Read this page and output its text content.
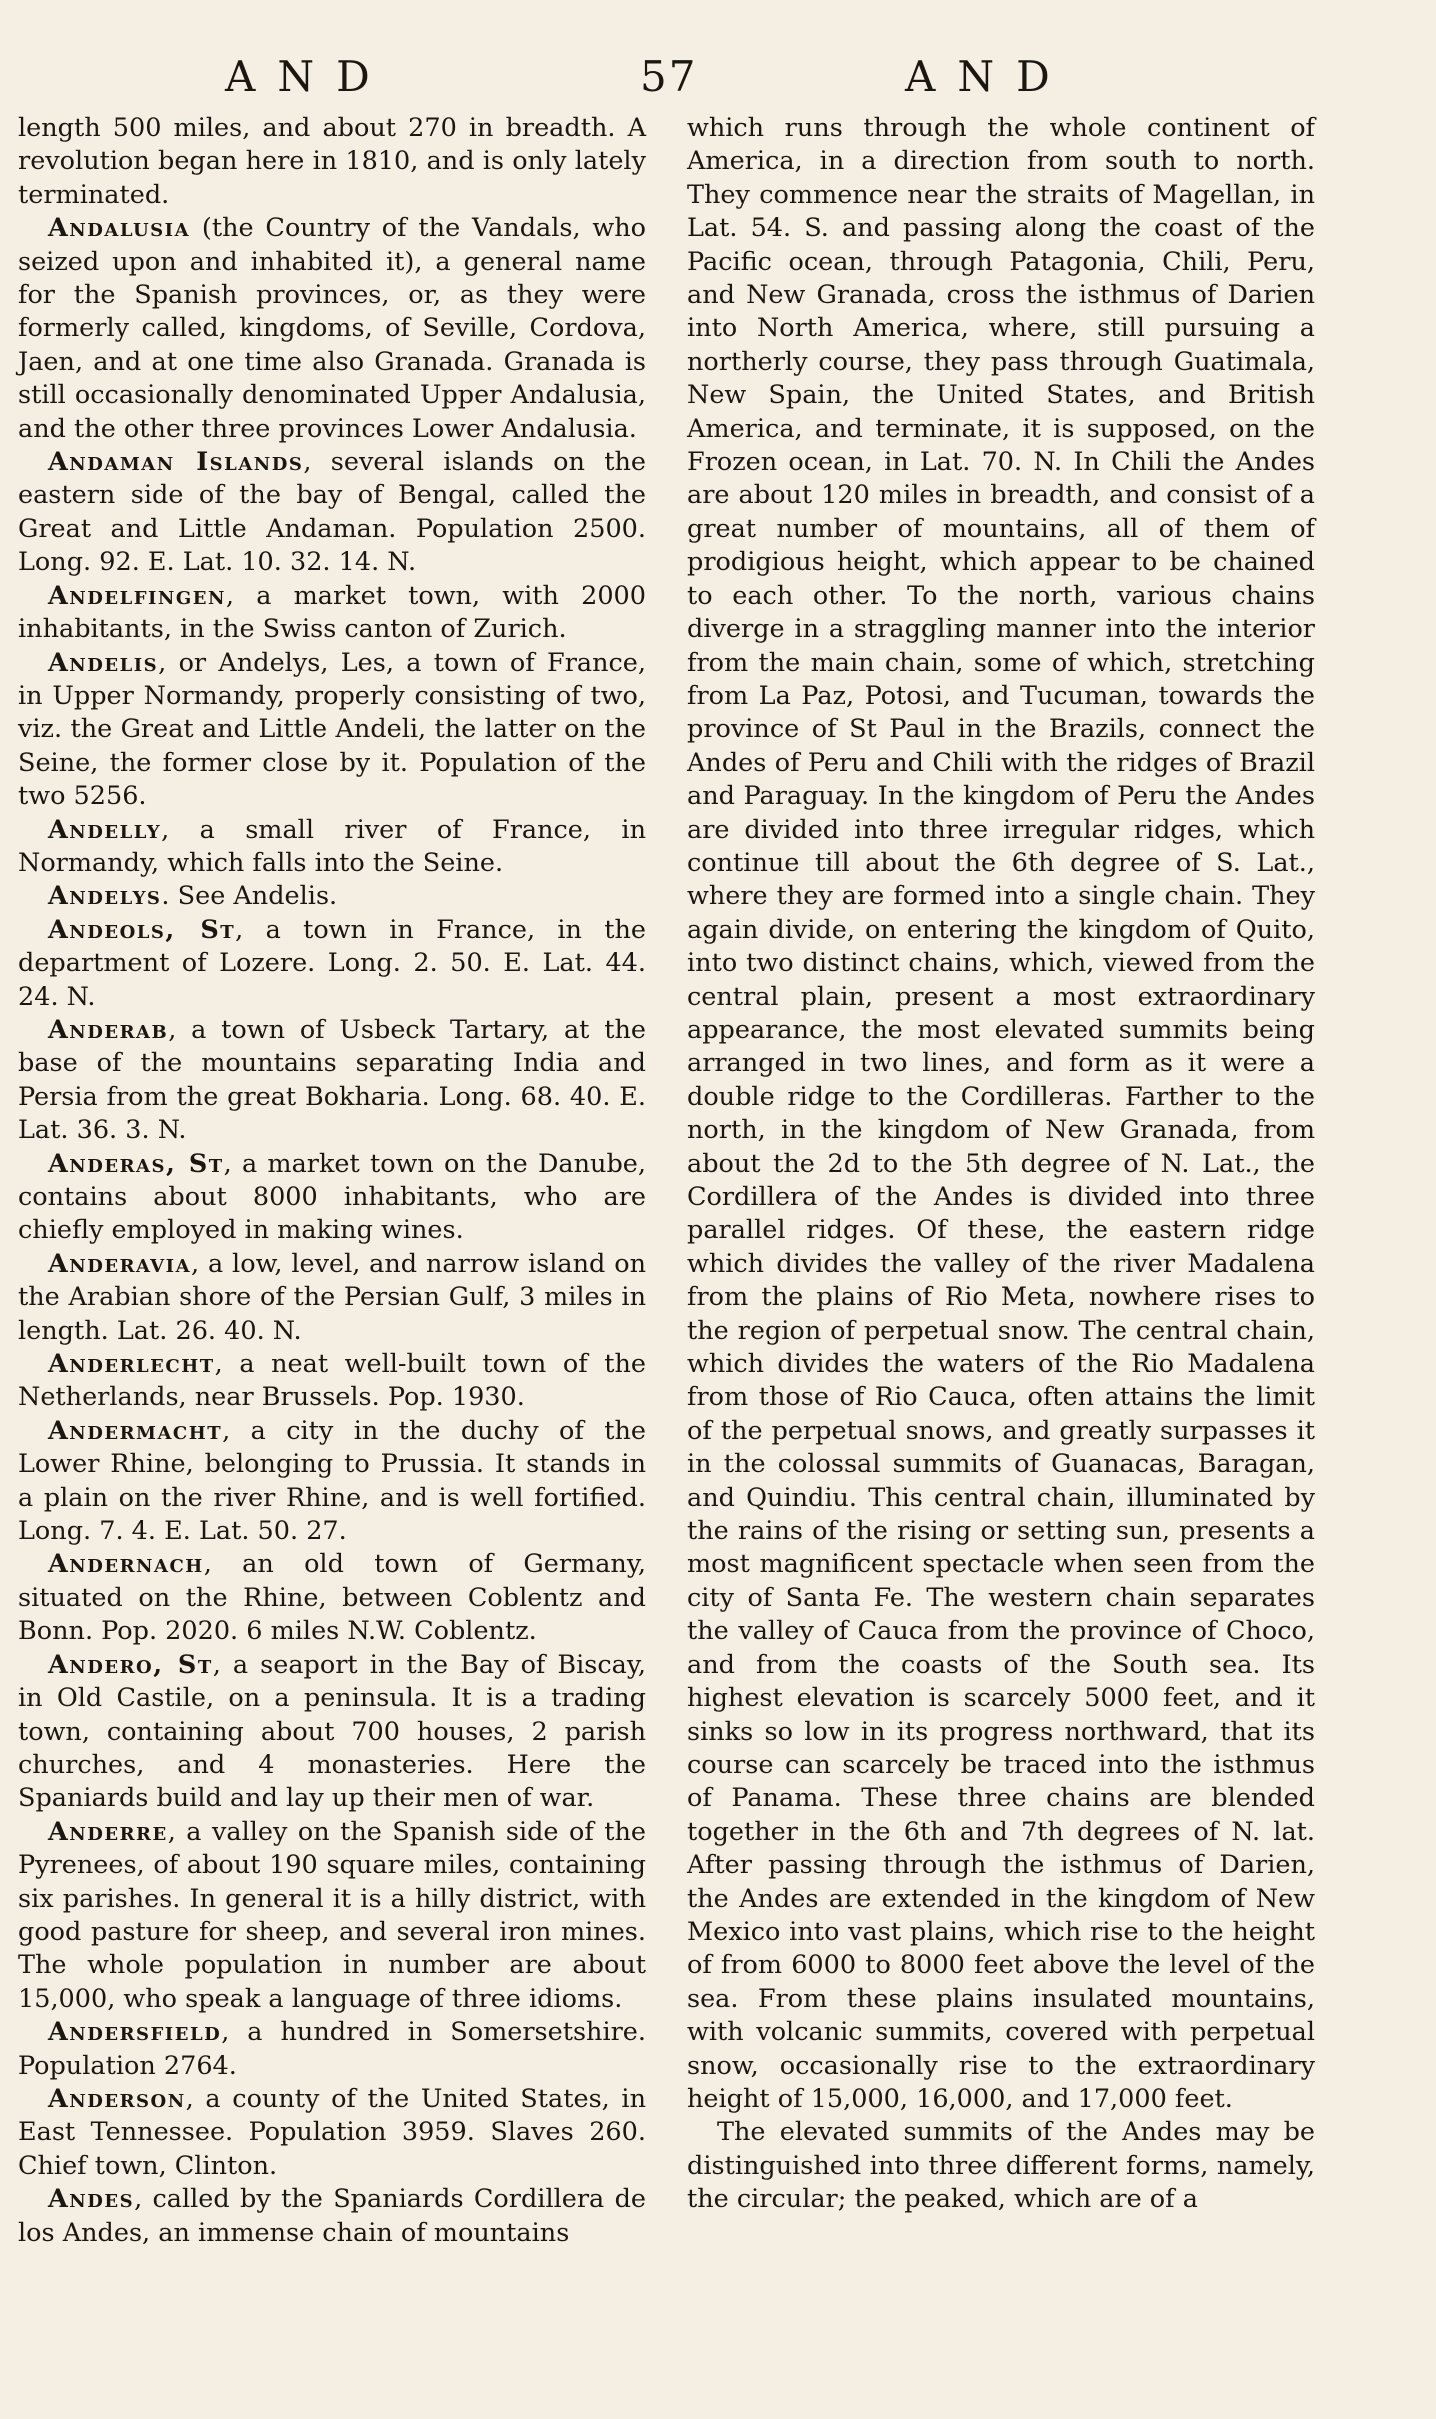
AND	57	AND

length 500 miles, and about 270 in breadth. A revolution began here in 1810, and is only lately terminated.

Andalusia (the Country of the Vandals, who seized upon and inhabited it), a general name for the Spanish provinces, or, as they were formerly called, kingdoms, of Seville, Cordova, Jaen, and at one time also Granada. Granada is still occasionally denominated Upper Andalusia, and the other three provinces Lower Andalusia.

Andaman Islands, several islands on the eastern side of the bay of Bengal, called the Great and Little Andaman. Population 2500. Long. 92. E. Lat. 10. 32. 14. N.

Andelfingen, a market town, with 2000 inhabitants, in the Swiss canton of Zurich.

Andelis, or Andelys, Les, a town of France, in Upper Normandy, properly consisting of two, viz. the Great and Little Andeli, the latter on the Seine, the former close by it. Population of the two 5256.

Andelly, a small river of France, in Normandy, which falls into the Seine.

Andelys. See Andelis.

Andeols, St, a town in France, in the department of Lozere. Long. 2. 50. E. Lat. 44. 24. N.

Anderab, a town of Usbeck Tartary, at the base of the mountains separating India and Persia from the great Bokharia. Long. 68. 40. E. Lat. 36. 3. N.

Anderas, St, a market town on the Danube, contains about 8000 inhabitants, who are chiefly employed in making wines.

Anderavia, a low, level, and narrow island on the Arabian shore of the Persian Gulf, 3 miles in length. Lat. 26. 40. N.

Anderlecht, a neat well-built town of the Netherlands, near Brussels. Pop. 1930.

Andermacht, a city in the duchy of the Lower Rhine, belonging to Prussia. It stands in a plain on the river Rhine, and is well fortified. Long. 7. 4. E. Lat. 50. 27.

Andernach, an old town of Germany, situated on the Rhine, between Coblentz and Bonn. Pop. 2020. 6 miles N.W. Coblentz.

Andero, St, a seaport in the Bay of Biscay, in Old Castile, on a peninsula. It is a trading town, containing about 700 houses, 2 parish churches, and 4 monasteries. Here the Spaniards build and lay up their men of war.

Anderre, a valley on the Spanish side of the Pyrenees, of about 190 square miles, containing six parishes. In general it is a hilly district, with good pasture for sheep, and several iron mines. The whole population in number are about 15,000, who speak a language of three idioms.

Andersfield, a hundred in Somersetshire. Population 2764.

Anderson, a county of the United States, in East Tennessee. Population 3959. Slaves 260. Chief town, Clinton.

Andes, called by the Spaniards Cordillera de los Andes, an immense chain of mountains

which runs through the whole continent of America, in a direction from south to north. They commence near the straits of Magellan, in Lat. 54. S. and passing along the coast of the Pacific ocean, through Patagonia, Chili, Peru, and New Granada, cross the isthmus of Darien into North America, where, still pursuing a northerly course, they pass through Guatimala, New Spain, the United States, and British America, and terminate, it is supposed, on the Frozen ocean, in Lat. 70. N. In Chili the Andes are about 120 miles in breadth, and consist of a great number of mountains, all of them of prodigious height, which appear to be chained to each other. To the north, various chains diverge in a straggling manner into the interior from the main chain, some of which, stretching from La Paz, Potosi, and Tucuman, towards the province of St Paul in the Brazils, connect the Andes of Peru and Chili with the ridges of Brazil and Paraguay. In the kingdom of Peru the Andes are divided into three irregular ridges, which continue till about the 6th degree of S. Lat., where they are formed into a single chain. They again divide, on entering the kingdom of Quito, into two distinct chains, which, viewed from the central plain, present a most extraordinary appearance, the most elevated summits being arranged in two lines, and form as it were a double ridge to the Cordilleras. Farther to the north, in the kingdom of New Granada, from about the 2d to the 5th degree of N. Lat., the Cordillera of the Andes is divided into three parallel ridges. Of these, the eastern ridge which divides the valley of the river Madalena from the plains of Rio Meta, nowhere rises to the region of perpetual snow. The central chain, which divides the waters of the Rio Madalena from those of Rio Cauca, often attains the limit of the perpetual snows, and greatly surpasses it in the colossal summits of Guanacas, Baragan, and Quindiu. This central chain, illuminated by the rains of the rising or setting sun, presents a most magnificent spectacle when seen from the city of Santa Fe. The western chain separates the valley of Cauca from the province of Choco, and from the coasts of the South sea. Its highest elevation is scarcely 5000 feet, and it sinks so low in its progress northward, that its course can scarcely be traced into the isthmus of Panama. These three chains are blended together in the 6th and 7th degrees of N. lat. After passing through the isthmus of Darien, the Andes are extended in the kingdom of New Mexico into vast plains, which rise to the height of from 6000 to 8000 feet above the level of the sea. From these plains insulated mountains, with volcanic summits, covered with perpetual snow, occasionally rise to the extraordinary height of 15,000, 16,000, and 17,000 feet.

The elevated summits of the Andes may be distinguished into three different forms, namely, the circular; the peaked, which are of a
